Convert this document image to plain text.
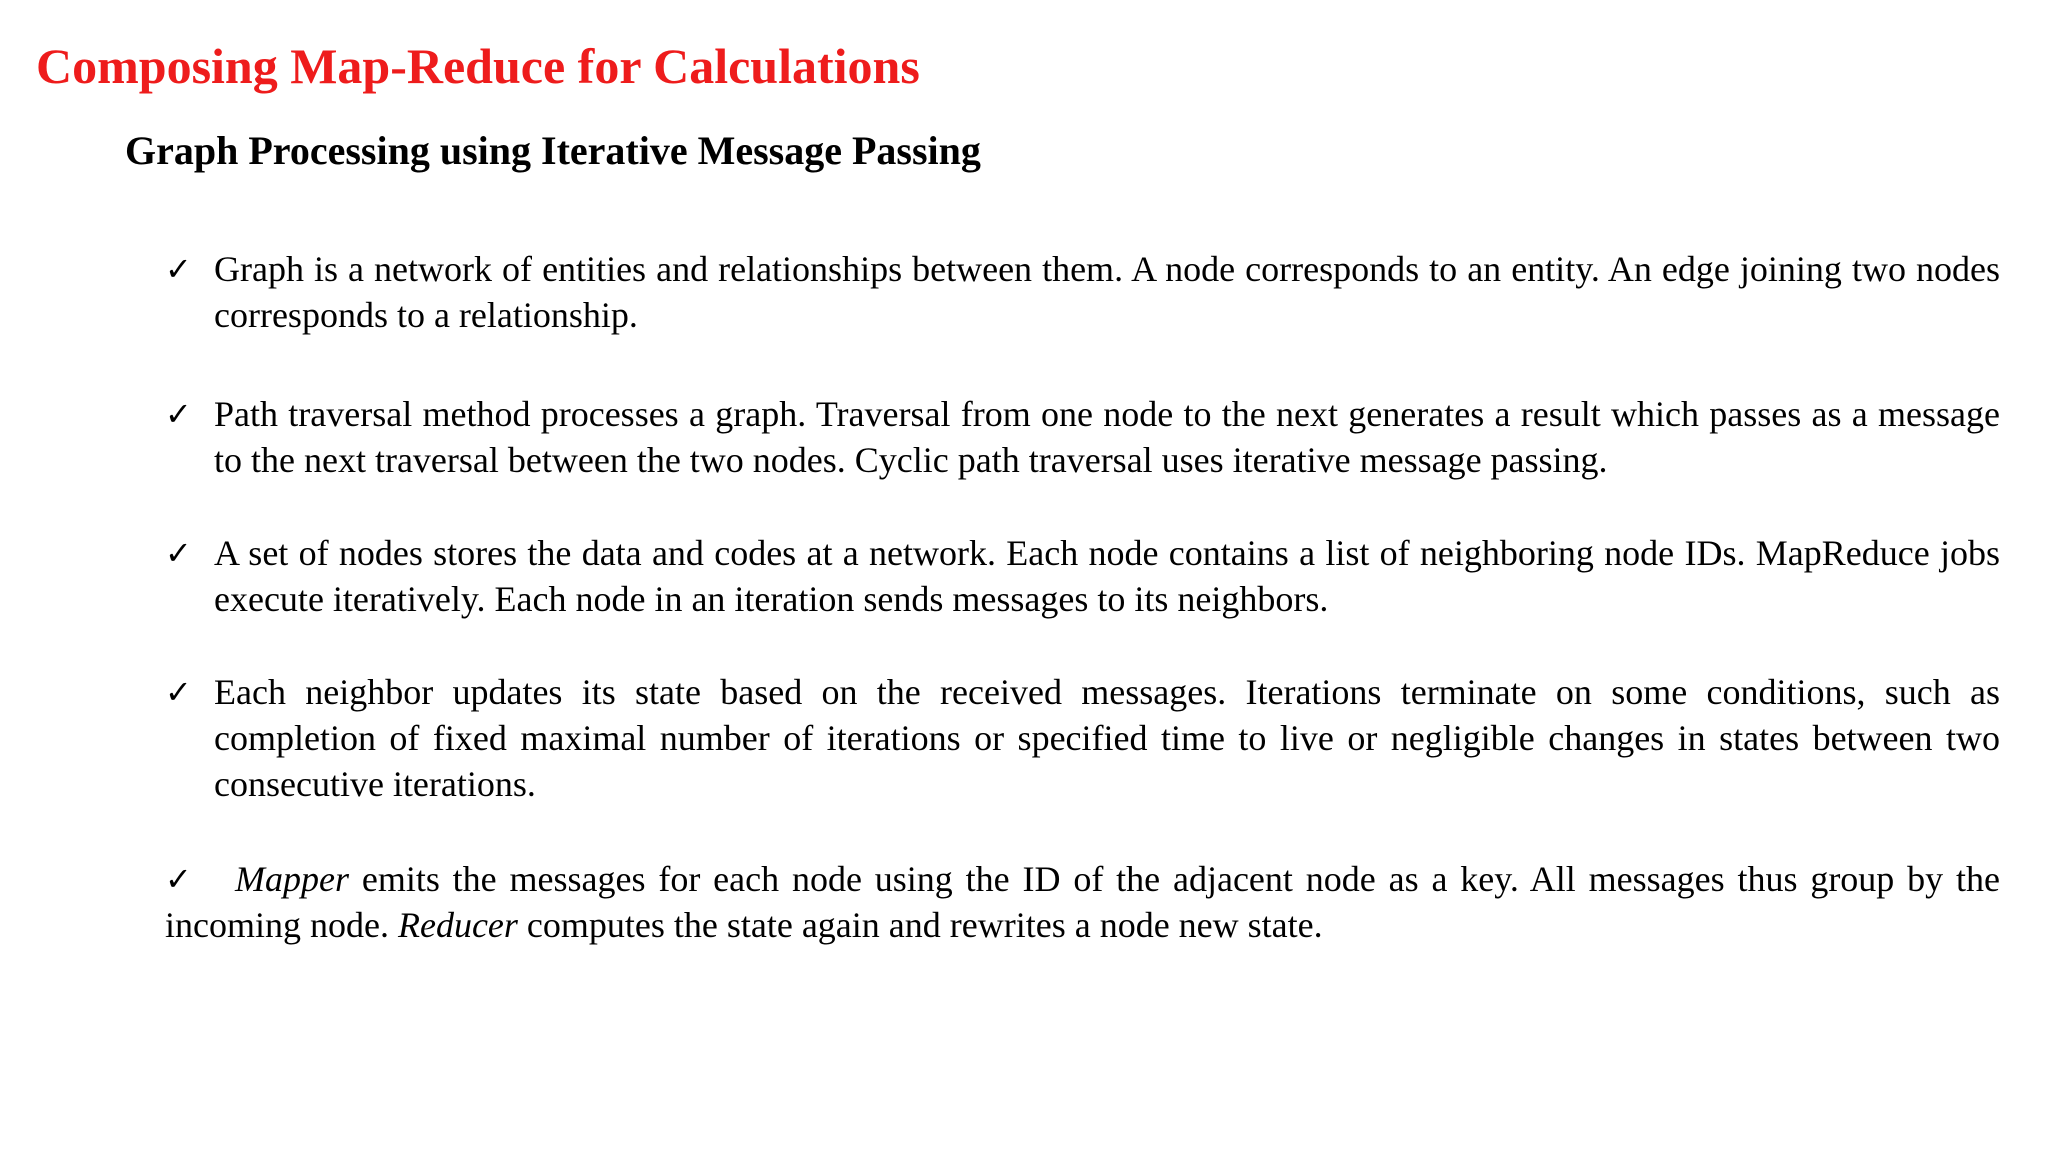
Composing Map-Reduce for Calculations
Graph Processing using Iterative Message Passing
✓ Graph is a network of entities and relationships between them. A node corresponds to an entity. An edge joining two nodes corresponds to a relationship.
✓ Path traversal method processes a graph. Traversal from one node to the next generates a result which passes as a message to the next traversal between the two nodes. Cyclic path traversal uses iterative message passing.
✓ A set of nodes stores the data and codes at a network. Each node contains a list of neighboring node IDs. MapReduce jobs execute iteratively. Each node in an iteration sends messages to its neighbors.
✓ Each neighbor updates its state based on the received messages. Iterations terminate on some conditions, such as completion of fixed maximal number of iterations or specified time to live or negligible changes in states between two consecutive iterations.
✓ Mapper emits the messages for each node using the ID of the adjacent node as a key. All messages thus group by the incoming node. Reducer computes the state again and rewrites a node new state.
